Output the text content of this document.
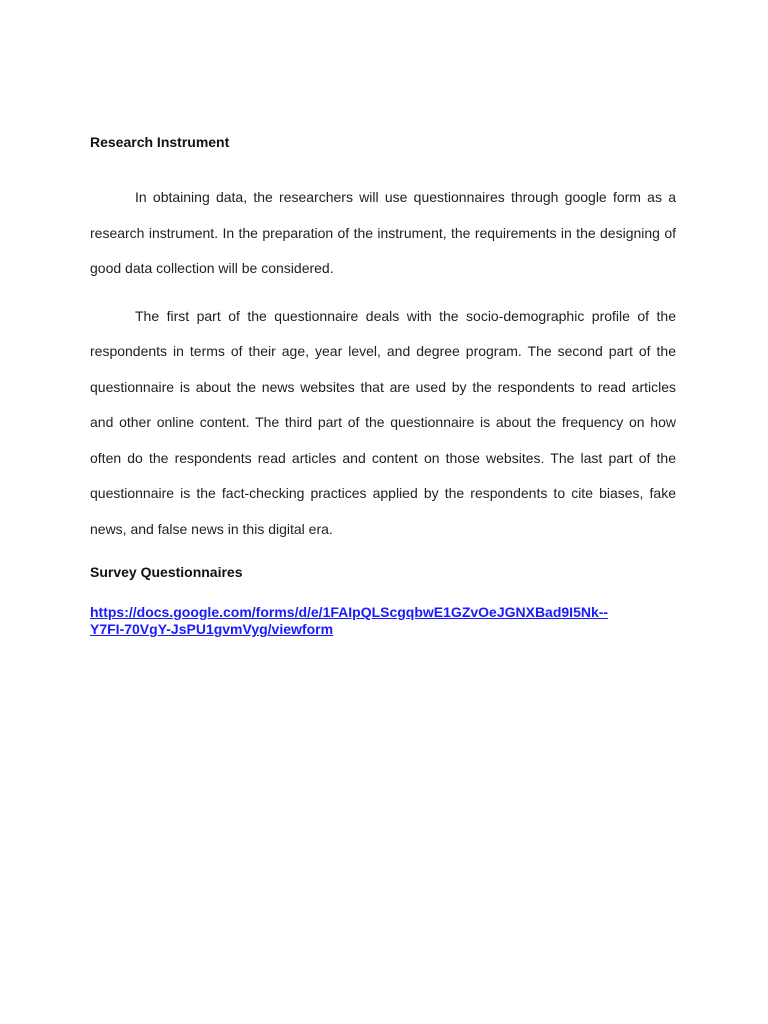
Research Instrument

In obtaining data, the researchers will use questionnaires through google form as a research instrument. In the preparation of the instrument, the requirements in the designing of good data collection will be considered.

The first part of the questionnaire deals with the socio-demographic profile of the respondents in terms of their age, year level, and degree program. The second part of the questionnaire is about the news websites that are used by the respondents to read articles and other online content. The third part of the questionnaire is about the frequency on how often do the respondents read articles and content on those websites. The last part of the questionnaire is the fact-checking practices applied by the respondents to cite biases, fake news, and false news in this digital era.

Survey Questionnaires

https://docs.google.com/forms/d/e/1FAIpQLScgqbwE1GZvOeJGNXBad9I5Nk--
Y7FI-70VgY-JsPU1gvmVyg/viewform
